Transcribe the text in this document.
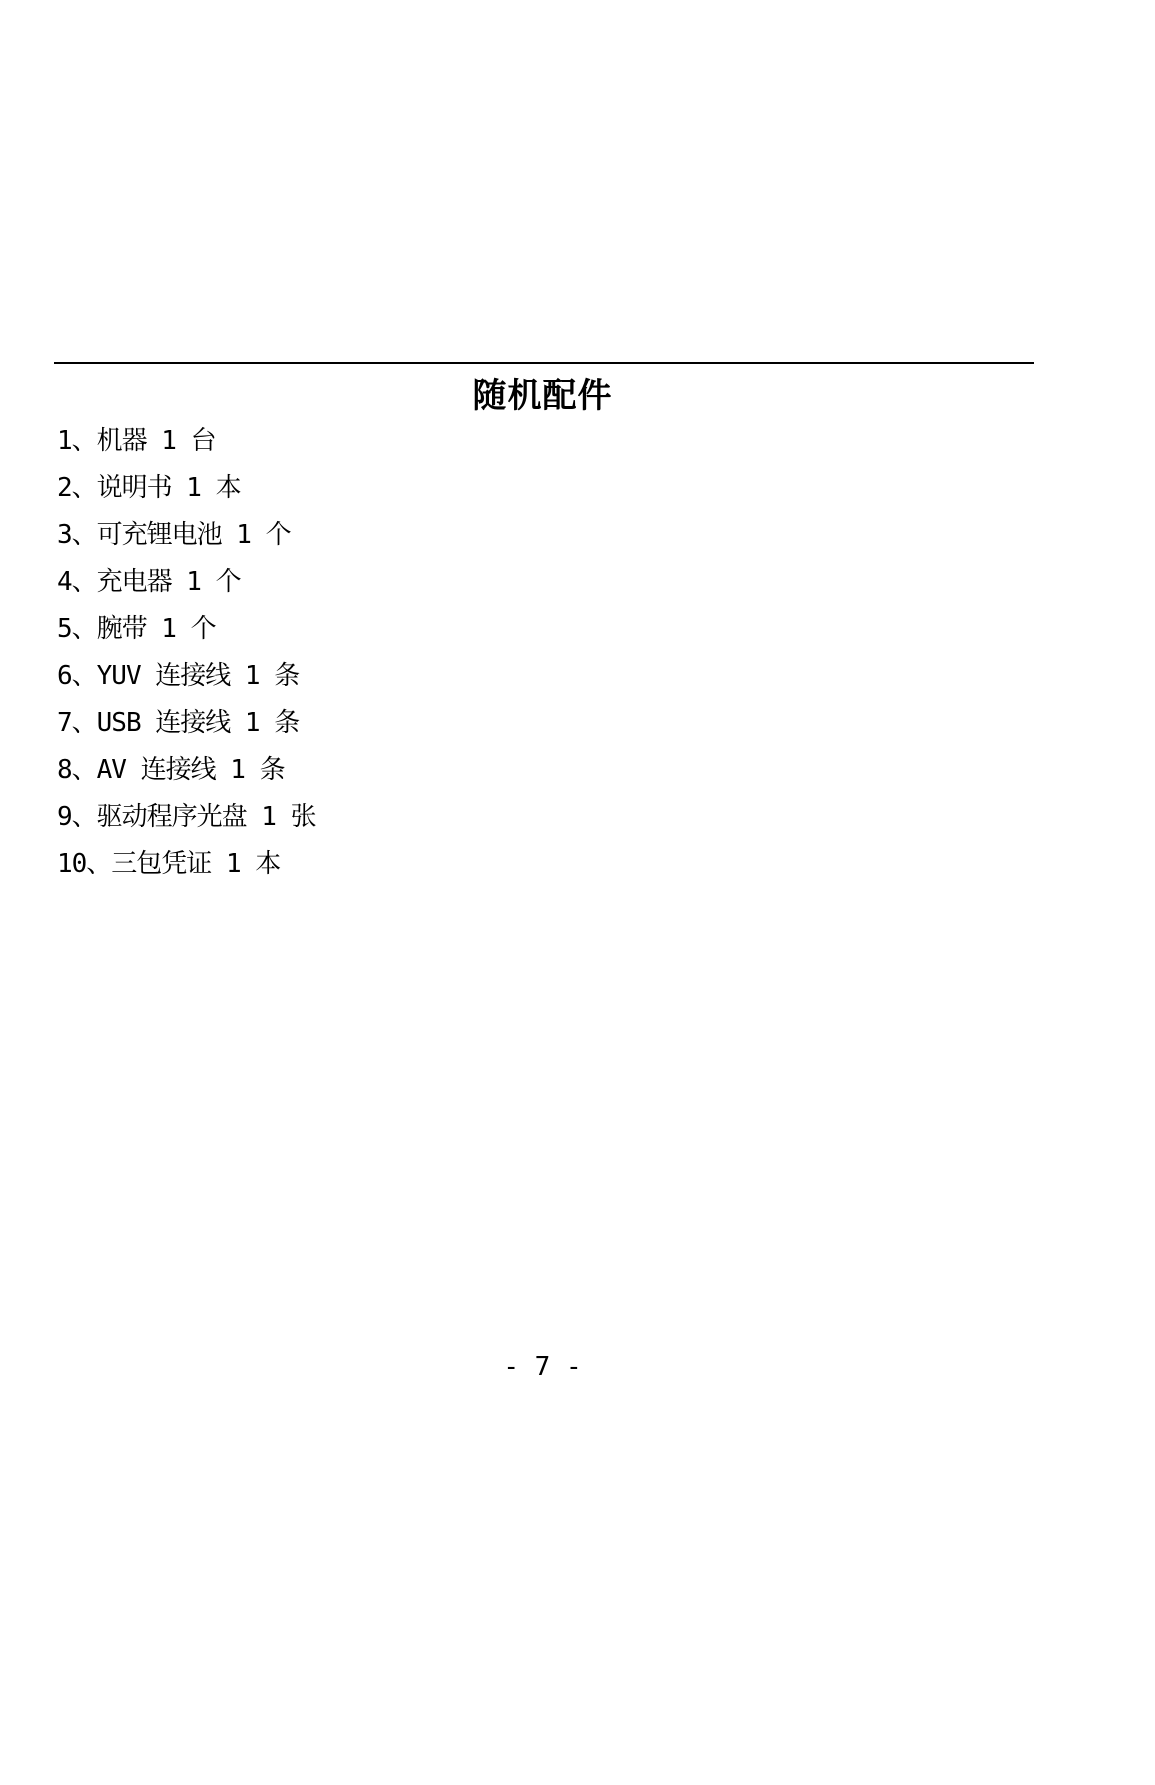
随机配件
1、机器 1 台
2、说明书 1 本
3、可充锂电池 1 个
4、充电器 1 个
5、腕带 1 个
6、YUV 连接线 1 条
7、USB 连接线 1 条
8、AV 连接线 1 条
9、驱动程序光盘 1 张
10、三包凭证 1 本
- 7 -
